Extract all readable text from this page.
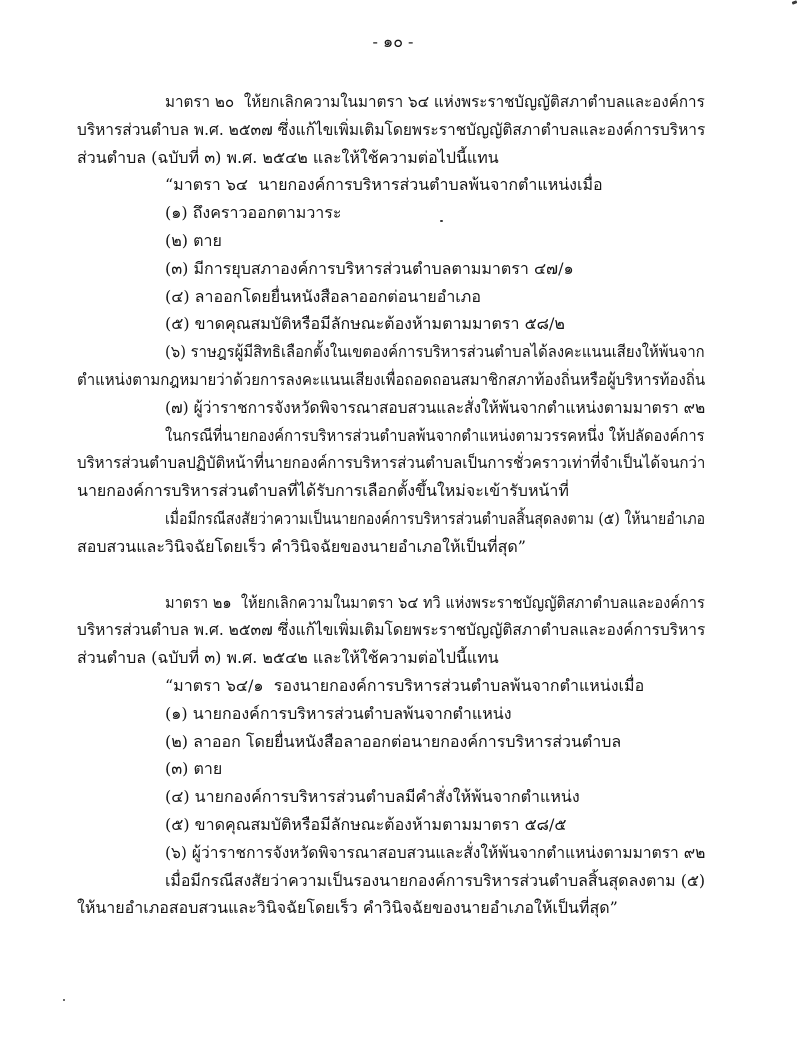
- ๑๐ -
มาตรา ๒๐  ให้ยกเลิกความในมาตรา ๖๔ แห่งพระราชบัญญัติสภาตำบลและองค์การ
บริหารส่วนตำบล พ.ศ. ๒๕๓๗ ซึ่งแก้ไขเพิ่มเติมโดยพระราชบัญญัติสภาตำบลและองค์การบริหาร
ส่วนตำบล (ฉบับที่ ๓) พ.ศ. ๒๕๔๒ และให้ใช้ความต่อไปนี้แทน
“มาตรา ๖๔  นายกองค์การบริหารส่วนตำบลพ้นจากตำแหน่งเมื่อ
(๑) ถึงคราวออกตามวาระ
(๒) ตาย
(๓) มีการยุบสภาองค์การบริหารส่วนตำบลตามมาตรา ๔๗/๑
(๔) ลาออกโดยยื่นหนังสือลาออกต่อนายอำเภอ
(๕) ขาดคุณสมบัติหรือมีลักษณะต้องห้ามตามมาตรา ๕๘/๒
(๖) ราษฎรผู้มีสิทธิเลือกตั้งในเขตองค์การบริหารส่วนตำบลได้ลงคะแนนเสียงให้พ้นจาก
ตำแหน่งตามกฎหมายว่าด้วยการลงคะแนนเสียงเพื่อถอดถอนสมาชิกสภาท้องถิ่นหรือผู้บริหารท้องถิ่น
(๗) ผู้ว่าราชการจังหวัดพิจารณาสอบสวนและสั่งให้พ้นจากตำแหน่งตามมาตรา ๙๒
ในกรณีที่นายกองค์การบริหารส่วนตำบลพ้นจากตำแหน่งตามวรรคหนึ่ง ให้ปลัดองค์การ
บริหารส่วนตำบลปฏิบัติหน้าที่นายกองค์การบริหารส่วนตำบลเป็นการชั่วคราวเท่าที่จำเป็นได้จนกว่า
นายกองค์การบริหารส่วนตำบลที่ได้รับการเลือกตั้งขึ้นใหม่จะเข้ารับหน้าที่
เมื่อมีกรณีสงสัยว่าความเป็นนายกองค์การบริหารส่วนตำบลสิ้นสุดลงตาม (๕) ให้นายอำเภอ
สอบสวนและวินิจฉัยโดยเร็ว คำวินิจฉัยของนายอำเภอให้เป็นที่สุด”
มาตรา ๒๑  ให้ยกเลิกความในมาตรา ๖๔ ทวิ แห่งพระราชบัญญัติสภาตำบลและองค์การ
บริหารส่วนตำบล พ.ศ. ๒๕๓๗ ซึ่งแก้ไขเพิ่มเติมโดยพระราชบัญญัติสภาตำบลและองค์การบริหาร
ส่วนตำบล (ฉบับที่ ๓) พ.ศ. ๒๕๔๒ และให้ใช้ความต่อไปนี้แทน
“มาตรา ๖๔/๑  รองนายกองค์การบริหารส่วนตำบลพ้นจากตำแหน่งเมื่อ
(๑) นายกองค์การบริหารส่วนตำบลพ้นจากตำแหน่ง
(๒) ลาออก โดยยื่นหนังสือลาออกต่อนายกองค์การบริหารส่วนตำบล
(๓) ตาย
(๔) นายกองค์การบริหารส่วนตำบลมีคำสั่งให้พ้นจากตำแหน่ง
(๕) ขาดคุณสมบัติหรือมีลักษณะต้องห้ามตามมาตรา ๕๘/๕
(๖) ผู้ว่าราชการจังหวัดพิจารณาสอบสวนและสั่งให้พ้นจากตำแหน่งตามมาตรา ๙๒
เมื่อมีกรณีสงสัยว่าความเป็นรองนายกองค์การบริหารส่วนตำบลสิ้นสุดลงตาม (๕)
ให้นายอำเภอสอบสวนและวินิจฉัยโดยเร็ว คำวินิจฉัยของนายอำเภอให้เป็นที่สุด”
